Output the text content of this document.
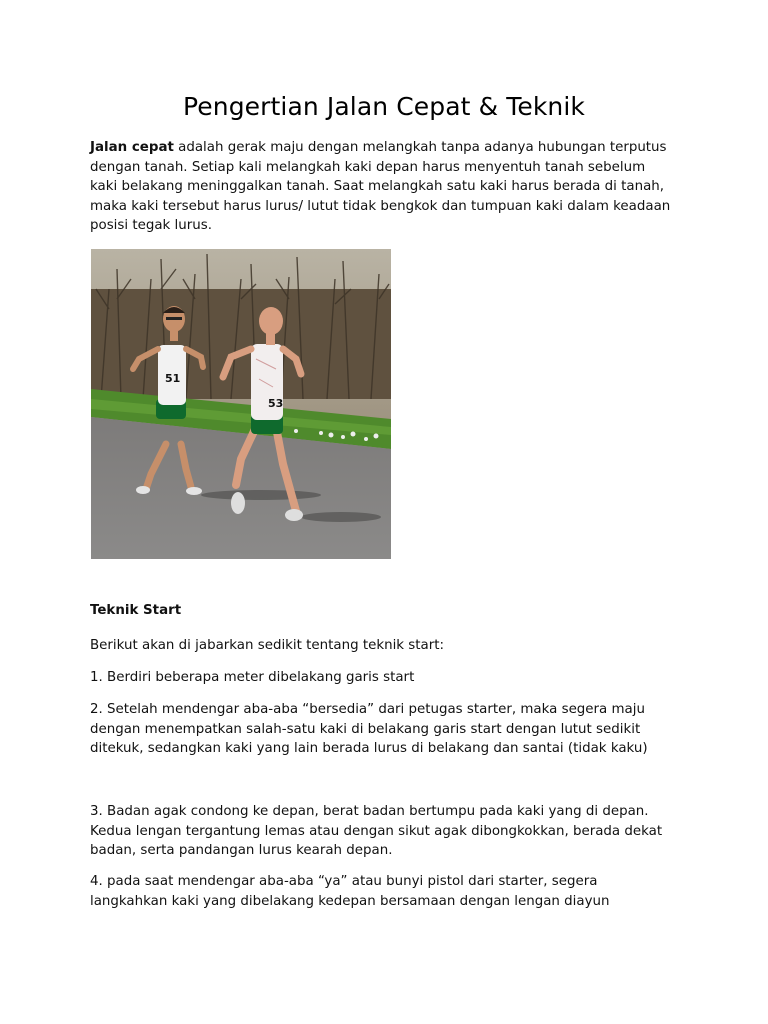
Pengertian Jalan Cepat & Teknik

Jalan cepat adalah gerak maju dengan melangkah tanpa adanya hubungan terputus dengan tanah. Setiap kali melangkah kaki depan harus menyentuh tanah sebelum kaki belakang meninggalkan tanah. Saat melangkah satu kaki harus berada di tanah, maka kaki tersebut harus lurus/ lutut tidak bengkok dan tumpuan kaki dalam keadaan posisi tegak lurus.

51
53
Teknik Start

Berikut akan di jabarkan sedikit tentang teknik start:

1. Berdiri beberapa meter dibelakang garis start

2. Setelah mendengar aba-aba “bersedia” dari petugas starter, maka segera maju dengan menempatkan salah-satu kaki di belakang garis start dengan lutut sedikit ditekuk, sedangkan kaki yang lain berada lurus di belakang dan santai (tidak kaku)

3. Badan agak condong ke depan, berat badan bertumpu pada kaki yang di depan. Kedua lengan tergantung lemas atau dengan sikut agak dibongkokkan, berada dekat badan, serta pandangan lurus kearah depan.

4. pada saat mendengar aba-aba “ya” atau bunyi pistol dari starter, segera langkahkan kaki yang dibelakang kedepan bersamaan dengan lengan diayun
